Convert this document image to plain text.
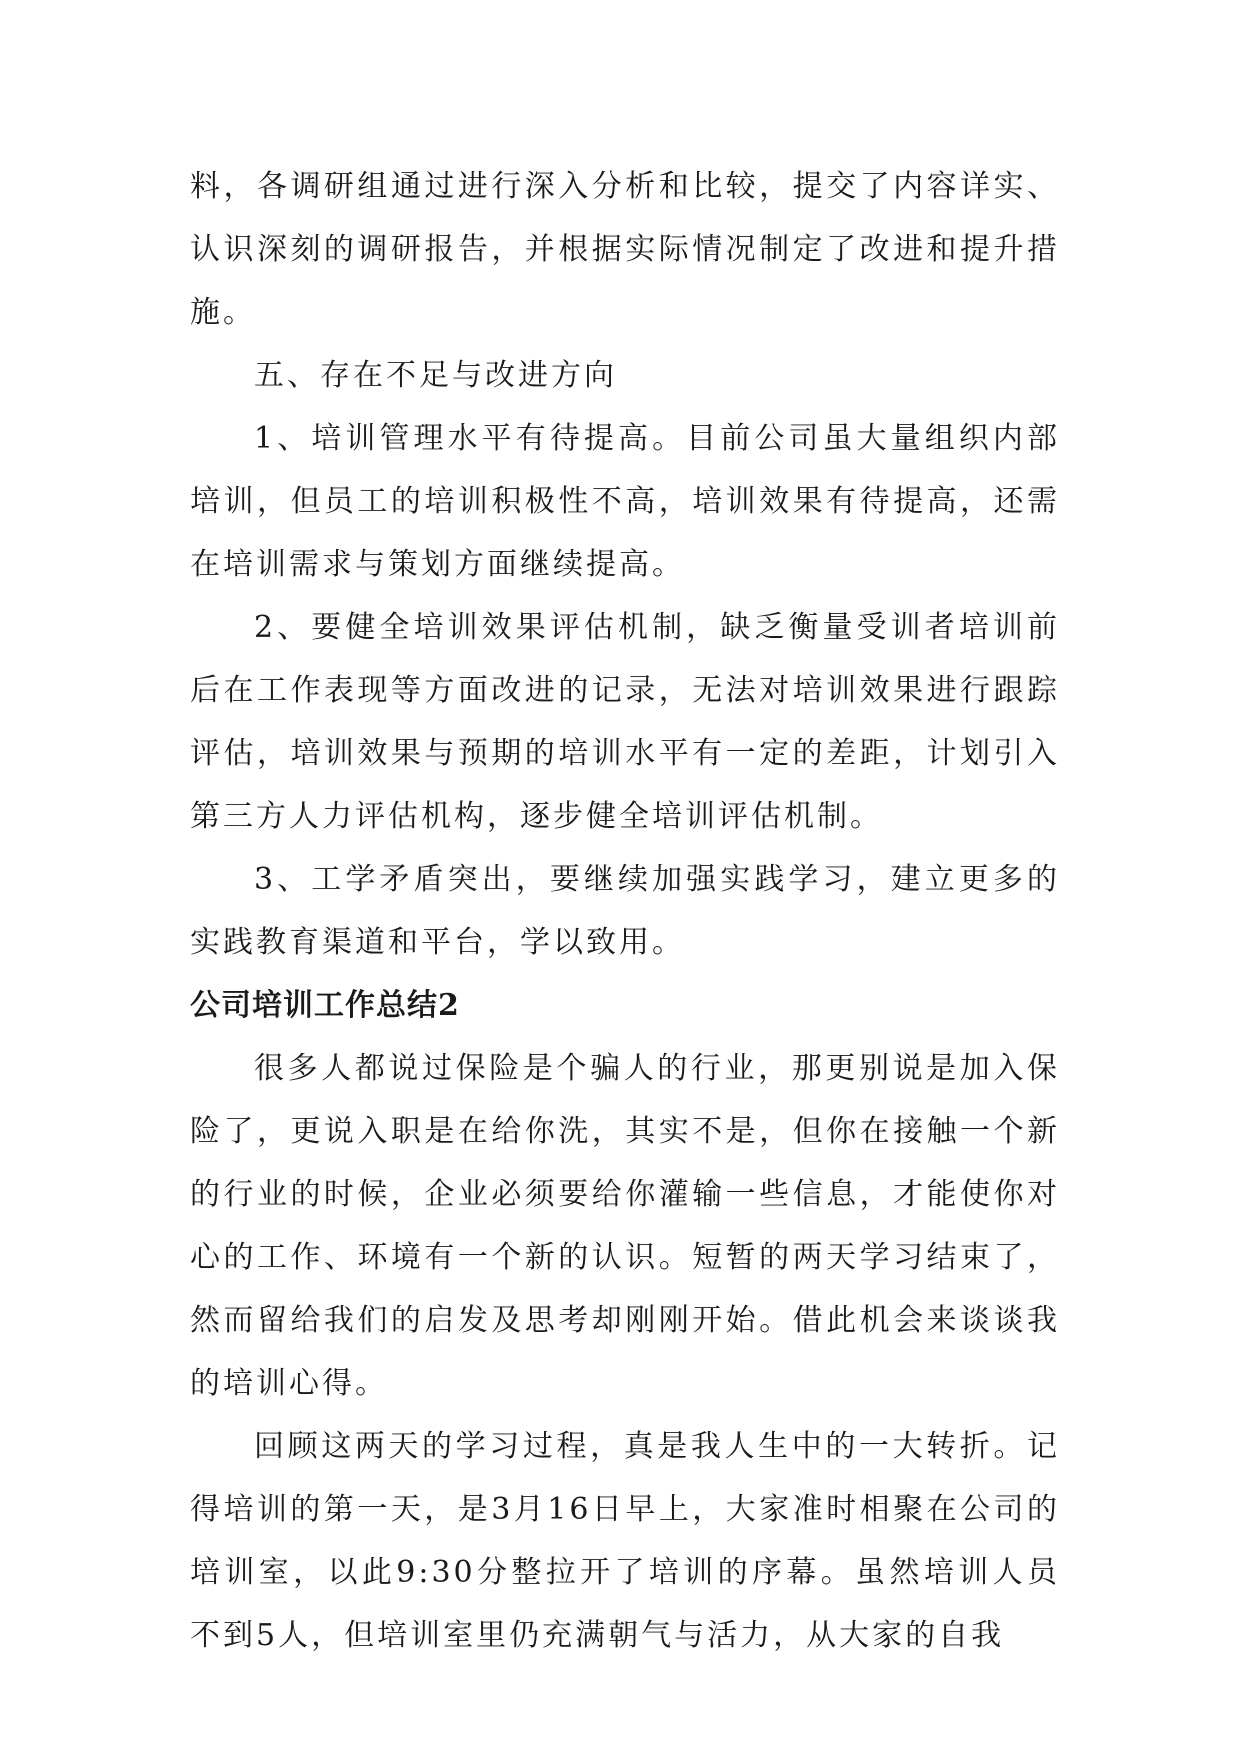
料，各调研组通过进行深入分析和比较，提交了内容详实、认识深刻的调研报告，并根据实际情况制定了改进和提升措施。

五、存在不足与改进方向

1、培训管理水平有待提高。目前公司虽大量组织内部培训，但员工的培训积极性不高，培训效果有待提高，还需在培训需求与策划方面继续提高。

2、要健全培训效果评估机制，缺乏衡量受训者培训前后在工作表现等方面改进的记录，无法对培训效果进行跟踪评估，培训效果与预期的培训水平有一定的差距，计划引入第三方人力评估机构，逐步健全培训评估机制。

3、工学矛盾突出，要继续加强实践学习，建立更多的实践教育渠道和平台，学以致用。

公司培训工作总结2

很多人都说过保险是个骗人的行业，那更别说是加入保险了，更说入职是在给你洗，其实不是，但你在接触一个新的行业的时候，企业必须要给你灌输一些信息，才能使你对心的工作、环境有一个新的认识。短暂的两天学习结束了，然而留给我们的启发及思考却刚刚开始。借此机会来谈谈我的培训心得。

回顾这两天的学习过程，真是我人生中的一大转折。记得培训的第一天，是3月16日早上，大家准时相聚在公司的培训室，以此9:30分整拉开了培训的序幕。虽然培训人员不到5人，但培训室里仍充满朝气与活力，从大家的自我
